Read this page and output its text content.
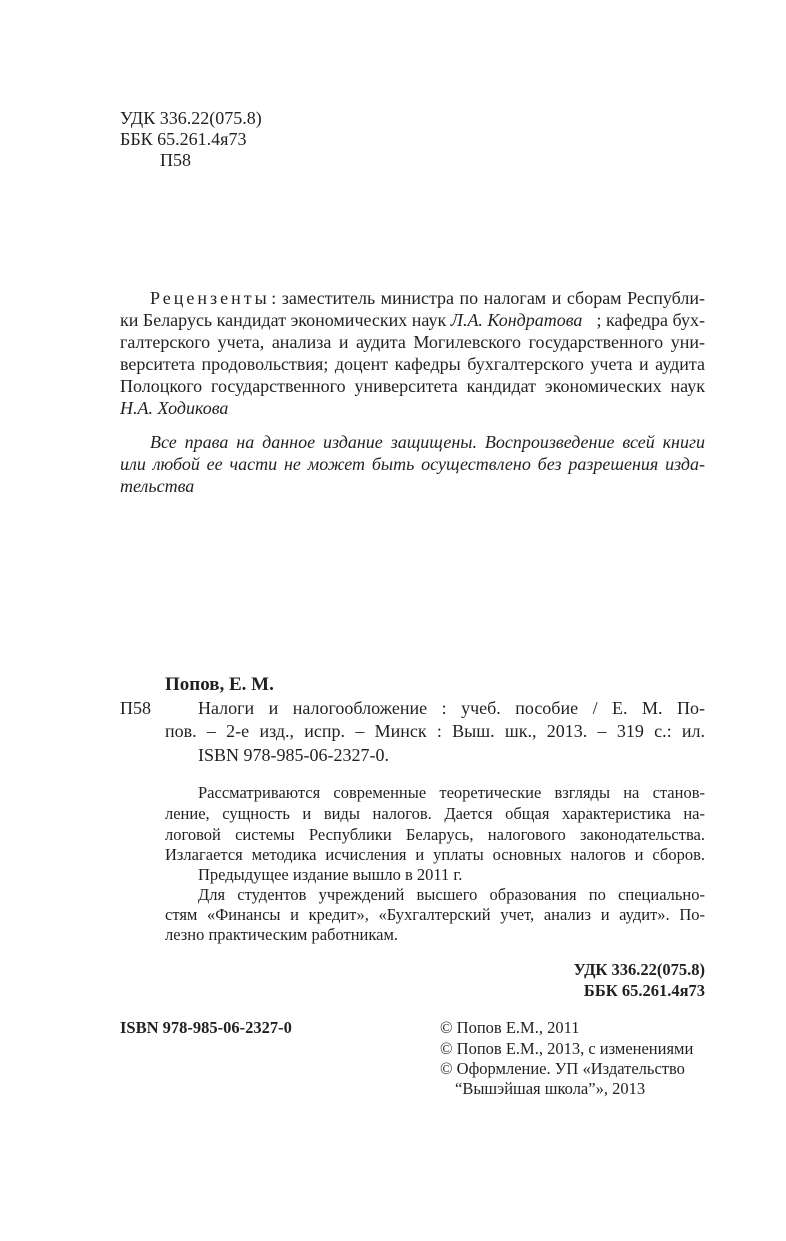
УДК 336.22(075.8)
ББК 65.261.4я73
П58
Рецензенты : заместитель министра по налогам и сборам Республи-
ки Беларусь кандидат экономических наук Л.А. Кондратова ; кафедра бух-
галтерского учета, анализа и аудита Могилевского государственного уни-
верситета продовольствия; доцент кафедры бухгалтерского учета и аудита
Полоцкого государственного университета кандидат экономических наук
Н.А. Ходикова
Все права на данное издание защищены. Воспроизведение всей книги
или любой ее части не может быть осуществлено без разрешения изда-
тельства
Попов, Е. М.
П58	Налоги и налогообложение : учеб. пособие / Е. М. По-
пов. – 2-е изд., испр. – Минск : Выш. шк., 2013. – 319 с.: ил.
ISBN 978-985-06-2327-0.
Рассматриваются современные теоретические взгляды на станов-
ление, сущность и виды налогов. Дается общая характеристика на-
логовой системы Республики Беларусь, налогового законодательства.
Излагается методика исчисления и уплаты основных налогов и сборов.
Предыдущее издание вышло в 2011 г.
Для студентов учреждений высшего образования по специально-
стям «Финансы и кредит», «Бухгалтерский учет, анализ и аудит». По-
лезно практическим работникам.
УДК 336.22(075.8)
ББК 65.261.4я73
ISBN 978-985-06-2327-0	© Попов Е.М., 2011
© Попов Е.М., 2013, с изменениями
© Оформление. УП «Издательство
“Вышэйшая школа”», 2013
